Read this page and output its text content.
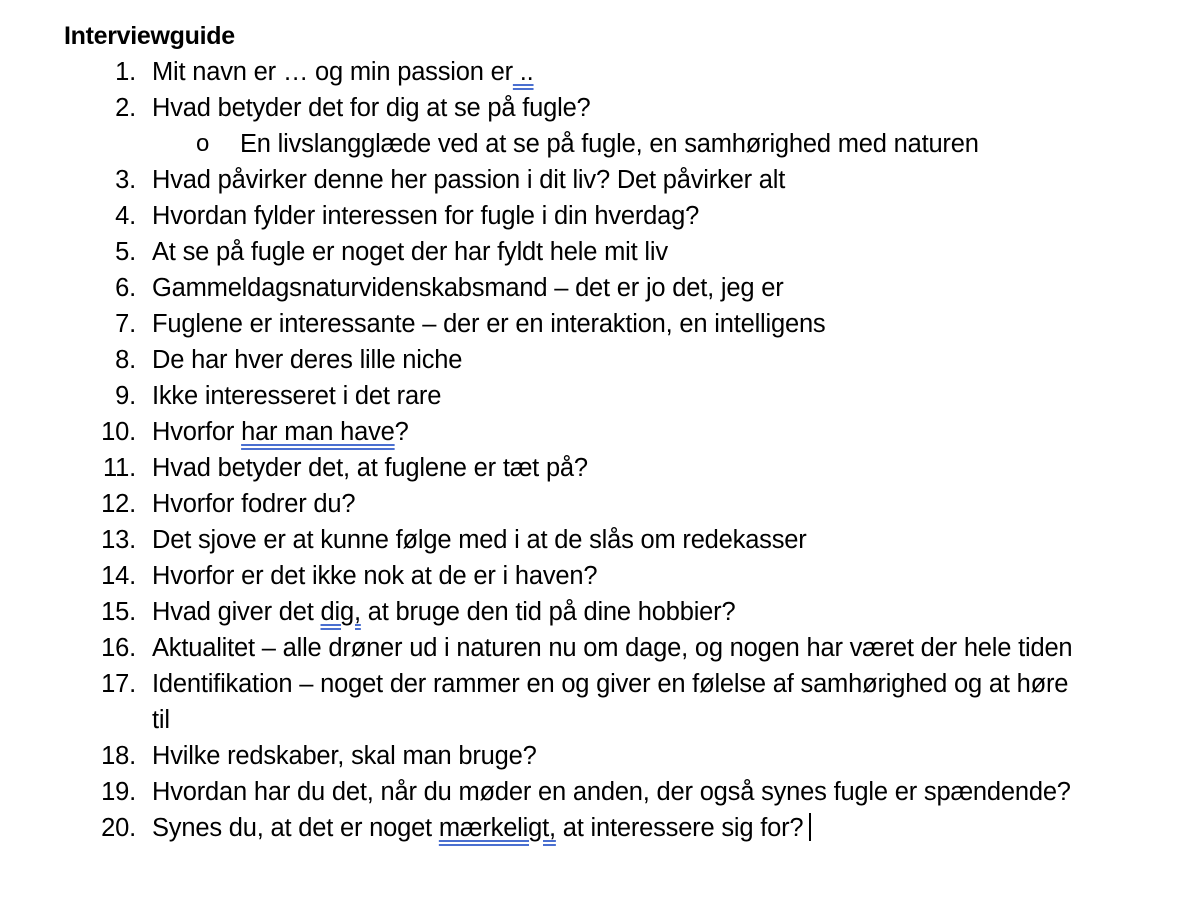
Interviewguide
1. Mit navn er … og min passion er ..
2. Hvad betyder det for dig at se på fugle?
o En livslangglæde ved at se på fugle, en samhørighed med naturen
3. Hvad påvirker denne her passion i dit liv? Det påvirker alt
4. Hvordan fylder interessen for fugle i din hverdag?
5. At se på fugle er noget der har fyldt hele mit liv
6. Gammeldagsnaturvidenskabsmand – det er jo det, jeg er
7. Fuglene er interessante – der er en interaktion, en intelligens
8. De har hver deres lille niche
9. Ikke interesseret i det rare
10. Hvorfor har man have?
11. Hvad betyder det, at fuglene er tæt på?
12. Hvorfor fodrer du?
13. Det sjove er at kunne følge med i at de slås om redekasser
14. Hvorfor er det ikke nok at de er i haven?
15. Hvad giver det dig, at bruge den tid på dine hobbier?
16. Aktualitet – alle drøner ud i naturen nu om dage, og nogen har været der hele tiden
17. Identifikation – noget der rammer en og giver en følelse af samhørighed og at høre
til
18. Hvilke redskaber, skal man bruge?
19. Hvordan har du det, når du møder en anden, der også synes fugle er spændende?
20. Synes du, at det er noget mærkeligt, at interessere sig for?
